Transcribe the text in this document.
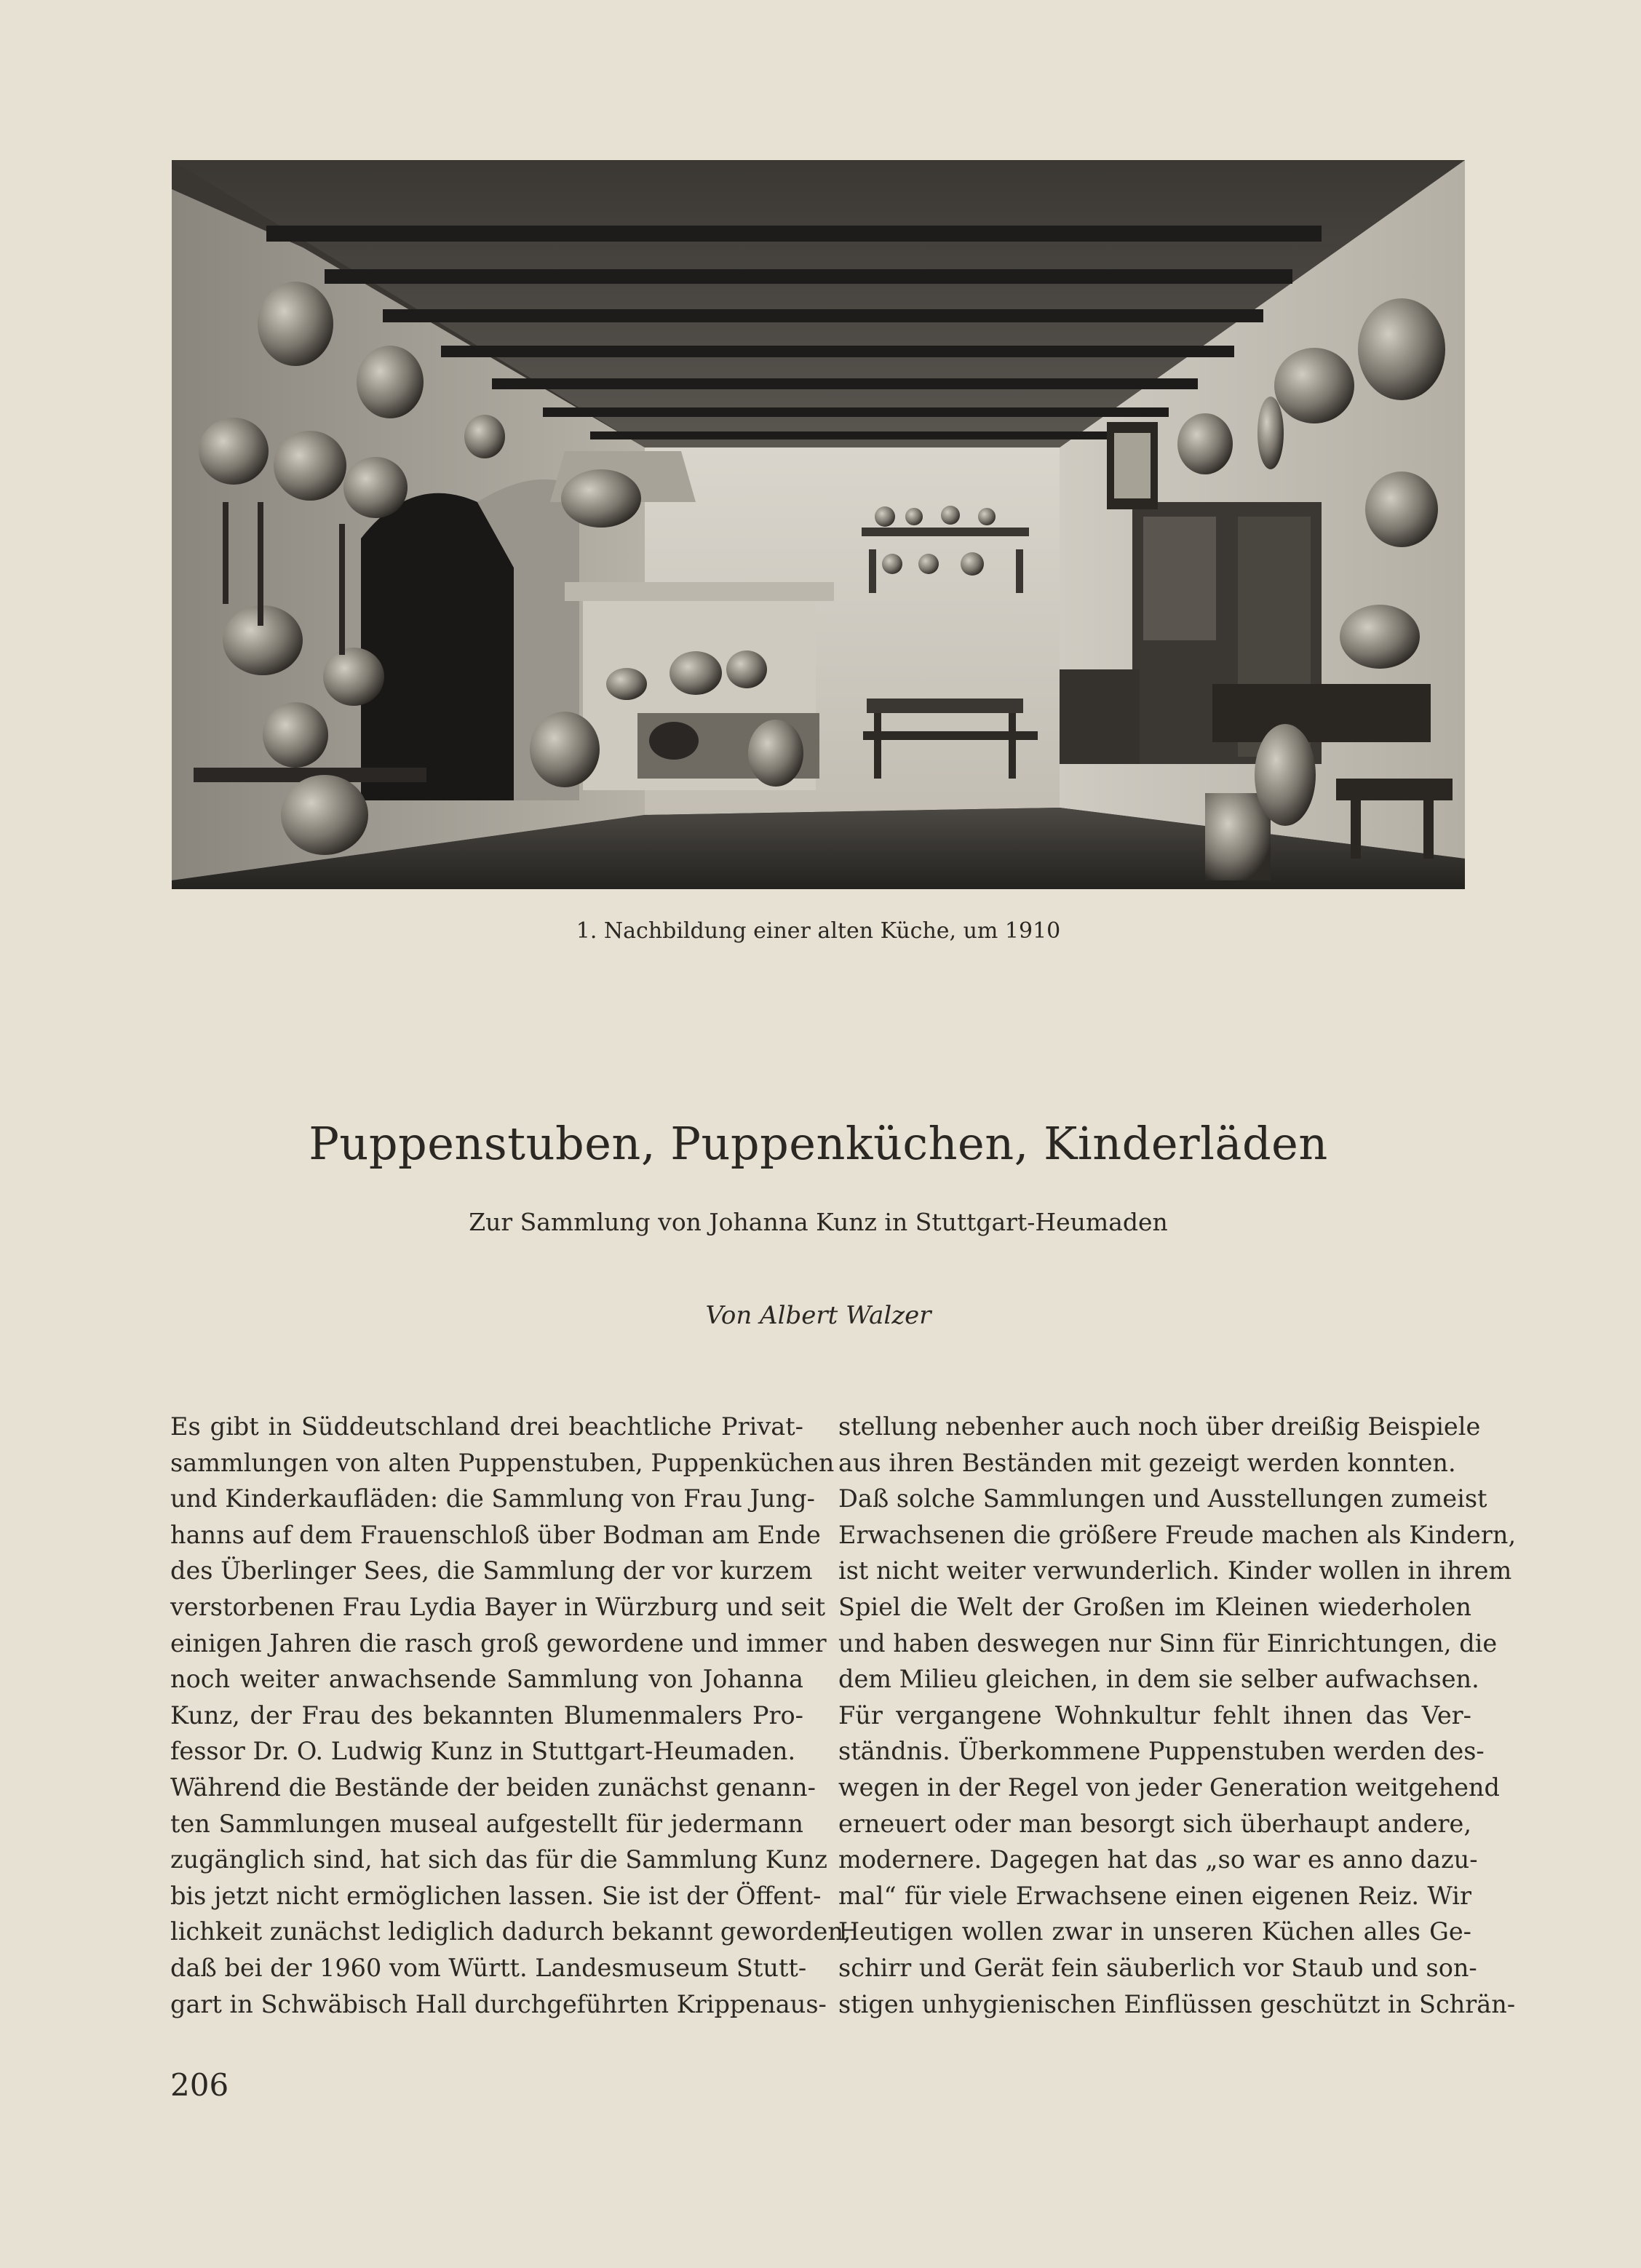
1. Nachbildung einer alten Küche, um 1910
Puppenstuben, Puppenküchen, Kinderläden
Zur Sammlung von Johanna Kunz in Stuttgart-Heumaden
Von Albert Walzer
Es gibt in Süddeutschland drei beachtliche Privat-
sammlungen von alten Puppenstuben, Puppenküchen
und Kinderkaufläden: die Sammlung von Frau Jung-
hanns auf dem Frauenschloß über Bodman am Ende
des Überlinger Sees, die Sammlung der vor kurzem
verstorbenen Frau Lydia Bayer in Würzburg und seit
einigen Jahren die rasch groß gewordene und immer
noch weiter anwachsende Sammlung von Johanna
Kunz, der Frau des bekannten Blumenmalers Pro-
fessor Dr. O. Ludwig Kunz in Stuttgart-Heumaden.
Während die Bestände der beiden zunächst genann-
ten Sammlungen museal aufgestellt für jedermann
zugänglich sind, hat sich das für die Sammlung Kunz
bis jetzt nicht ermöglichen lassen. Sie ist der Öffent-
lichkeit zunächst lediglich dadurch bekannt geworden,
daß bei der 1960 vom Württ. Landesmuseum Stutt-
gart in Schwäbisch Hall durchgeführten Krippenaus-
stellung nebenher auch noch über dreißig Beispiele
aus ihren Beständen mit gezeigt werden konnten.
Daß solche Sammlungen und Ausstellungen zumeist
Erwachsenen die größere Freude machen als Kindern,
ist nicht weiter verwunderlich. Kinder wollen in ihrem
Spiel die Welt der Großen im Kleinen wiederholen
und haben deswegen nur Sinn für Einrichtungen, die
dem Milieu gleichen, in dem sie selber aufwachsen.
Für vergangene Wohnkultur fehlt ihnen das Ver-
ständnis. Überkommene Puppenstuben werden des-
wegen in der Regel von jeder Generation weitgehend
erneuert oder man besorgt sich überhaupt andere,
modernere. Dagegen hat das „so war es anno dazu-
mal“ für viele Erwachsene einen eigenen Reiz. Wir
Heutigen wollen zwar in unseren Küchen alles Ge-
schirr und Gerät fein säuberlich vor Staub und son-
stigen unhygienischen Einflüssen geschützt in Schrän-
206
